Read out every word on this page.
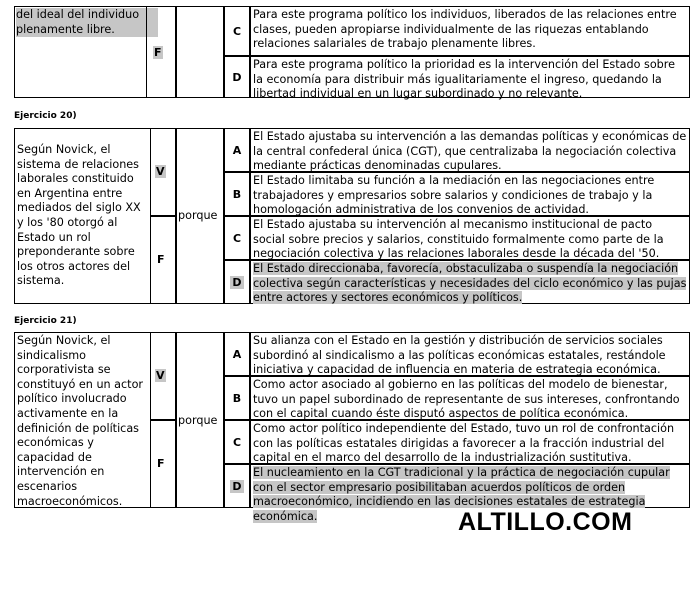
del ideal del individuo plenamente libre.
F
C
Para este programa político los individuos, liberados de las relaciones entre clases, pueden apropiarse individualmente de las riquezas entablando relaciones salariales de trabajo plenamente libres.
D
Para este programa político la prioridad es la intervención del Estado sobre la economía para distribuir más igualitariamente el ingreso, quedando la libertad individual en un lugar subordinado y no relevante.
Ejercicio 20)
Según Novick, el sistema de relaciones laborales constituido en Argentina entre mediados del siglo XX y los '80 otorgó al Estado un rol preponderante sobre los otros actores del sistema.
V
F
porque
A
El Estado ajustaba su intervención a las demandas políticas y económicas de la central confederal única (CGT), que centralizaba la negociación colectiva mediante prácticas denominadas cupulares.
B
El Estado limitaba su función a la mediación en las negociaciones entre trabajadores y empresarios sobre salarios y condiciones de trabajo y la homologación administrativa de los convenios de actividad.
C
El Estado ajustaba su intervención al mecanismo institucional de pacto social sobre precios y salarios, constituido formalmente como parte de la negociación colectiva y las relaciones laborales desde la década del '50.
D
El Estado direccionaba, favorecía, obstaculizaba o suspendía la negociación colectiva según características y necesidades del ciclo económico y las pujas entre actores y sectores económicos y políticos.
Ejercicio 21)
Según Novick, el sindicalismo corporativista se constituyó en un actor político involucrado activamente en la definición de políticas económicas y capacidad de intervención en escenarios macroeconómicos.
V
F
porque
A
Su alianza con el Estado en la gestión y distribución de servicios sociales subordinó al sindicalismo a las políticas económicas estatales, restándole iniciativa y capacidad de influencia en materia de estrategia económica.
B
Como actor asociado al gobierno en las políticas del modelo de bienestar, tuvo un papel subordinado de representante de sus intereses, confrontando con el capital cuando éste disputó aspectos de política económica.
C
Como actor político independiente del Estado, tuvo un rol de confrontación con las políticas estatales dirigidas a favorecer a la fracción industrial del capital en el marco del desarrollo de la industrialización sustitutiva.
D
El nucleamiento en la CGT tradicional y la práctica de negociación cupular con el sector empresario posibilitaban acuerdos políticos de orden macroeconómico, incidiendo en las decisiones estatales de estrategia económica.	ALTILLO.COM
